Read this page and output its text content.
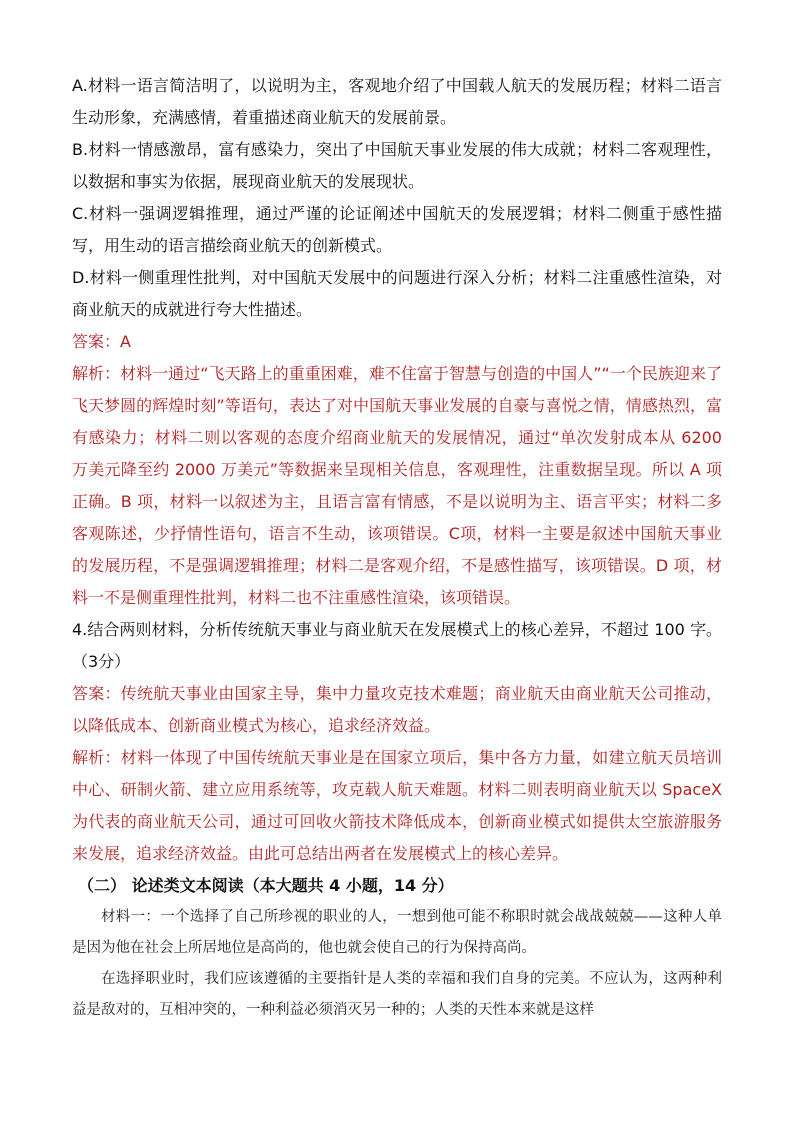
A.材料一语言简洁明了，以说明为主，客观地介绍了中国载人航天的发展历程；材料二语言生动形象，充满感情，着重描述商业航天的发展前景。

B.材料一情感激昂，富有感染力，突出了中国航天事业发展的伟大成就；材料二客观理性，以数据和事实为依据，展现商业航天的发展现状。

C.材料一强调逻辑推理，通过严谨的论证阐述中国航天的发展逻辑；材料二侧重于感性描写，用生动的语言描绘商业航天的创新模式。

D.材料一侧重理性批判，对中国航天发展中的问题进行深入分析；材料二注重感性渲染，对商业航天的成就进行夸大性描述。

答案：A

解析：材料一通过“飞天路上的重重困难，难不住富于智慧与创造的中国人”“一个民族迎来了飞天梦圆的辉煌时刻”等语句，表达了对中国航天事业发展的自豪与喜悦之情，情感热烈，富有感染力；材料二则以客观的态度介绍商业航天的发展情况，通过“单次发射成本从 6200 万美元降至约 2000 万美元”等数据来呈现相关信息，客观理性，注重数据呈现。所以 A 项正确。B 项，材料一以叙述为主，且语言富有情感，不是以说明为主、语言平实；材料二多客观陈述，少抒情性语句，语言不生动，该项错误。C项，材料一主要是叙述中国航天事业的发展历程，不是强调逻辑推理；材料二是客观介绍，不是感性描写，该项错误。D 项，材料一不是侧重理性批判，材料二也不注重感性渲染，该项错误。

4.结合两则材料，分析传统航天事业与商业航天在发展模式上的核心差异，不超过 100 字。（3分）

答案：传统航天事业由国家主导，集中力量攻克技术难题；商业航天由商业航天公司推动，以降低成本、创新商业模式为核心，追求经济效益。

解析：材料一体现了中国传统航天事业是在国家立项后，集中各方力量，如建立航天员培训中心、研制火箭、建立应用系统等，攻克载人航天难题。材料二则表明商业航天以 SpaceX 为代表的商业航天公司，通过可回收火箭技术降低成本，创新商业模式如提供太空旅游服务来发展，追求经济效益。由此可总结出两者在发展模式上的核心差异。

（二） 论述类文本阅读（本大题共 4 小题，14 分）

材料一：一个选择了自己所珍视的职业的人，一想到他可能不称职时就会战战兢兢——这种人单是因为他在社会上所居地位是高尚的，他也就会使自己的行为保持高尚。

在选择职业时，我们应该遵循的主要指针是人类的幸福和我们自身的完美。不应认为，这两种利益是敌对的，互相冲突的，一种利益必须消灭另一种的；人类的天性本来就是这样
